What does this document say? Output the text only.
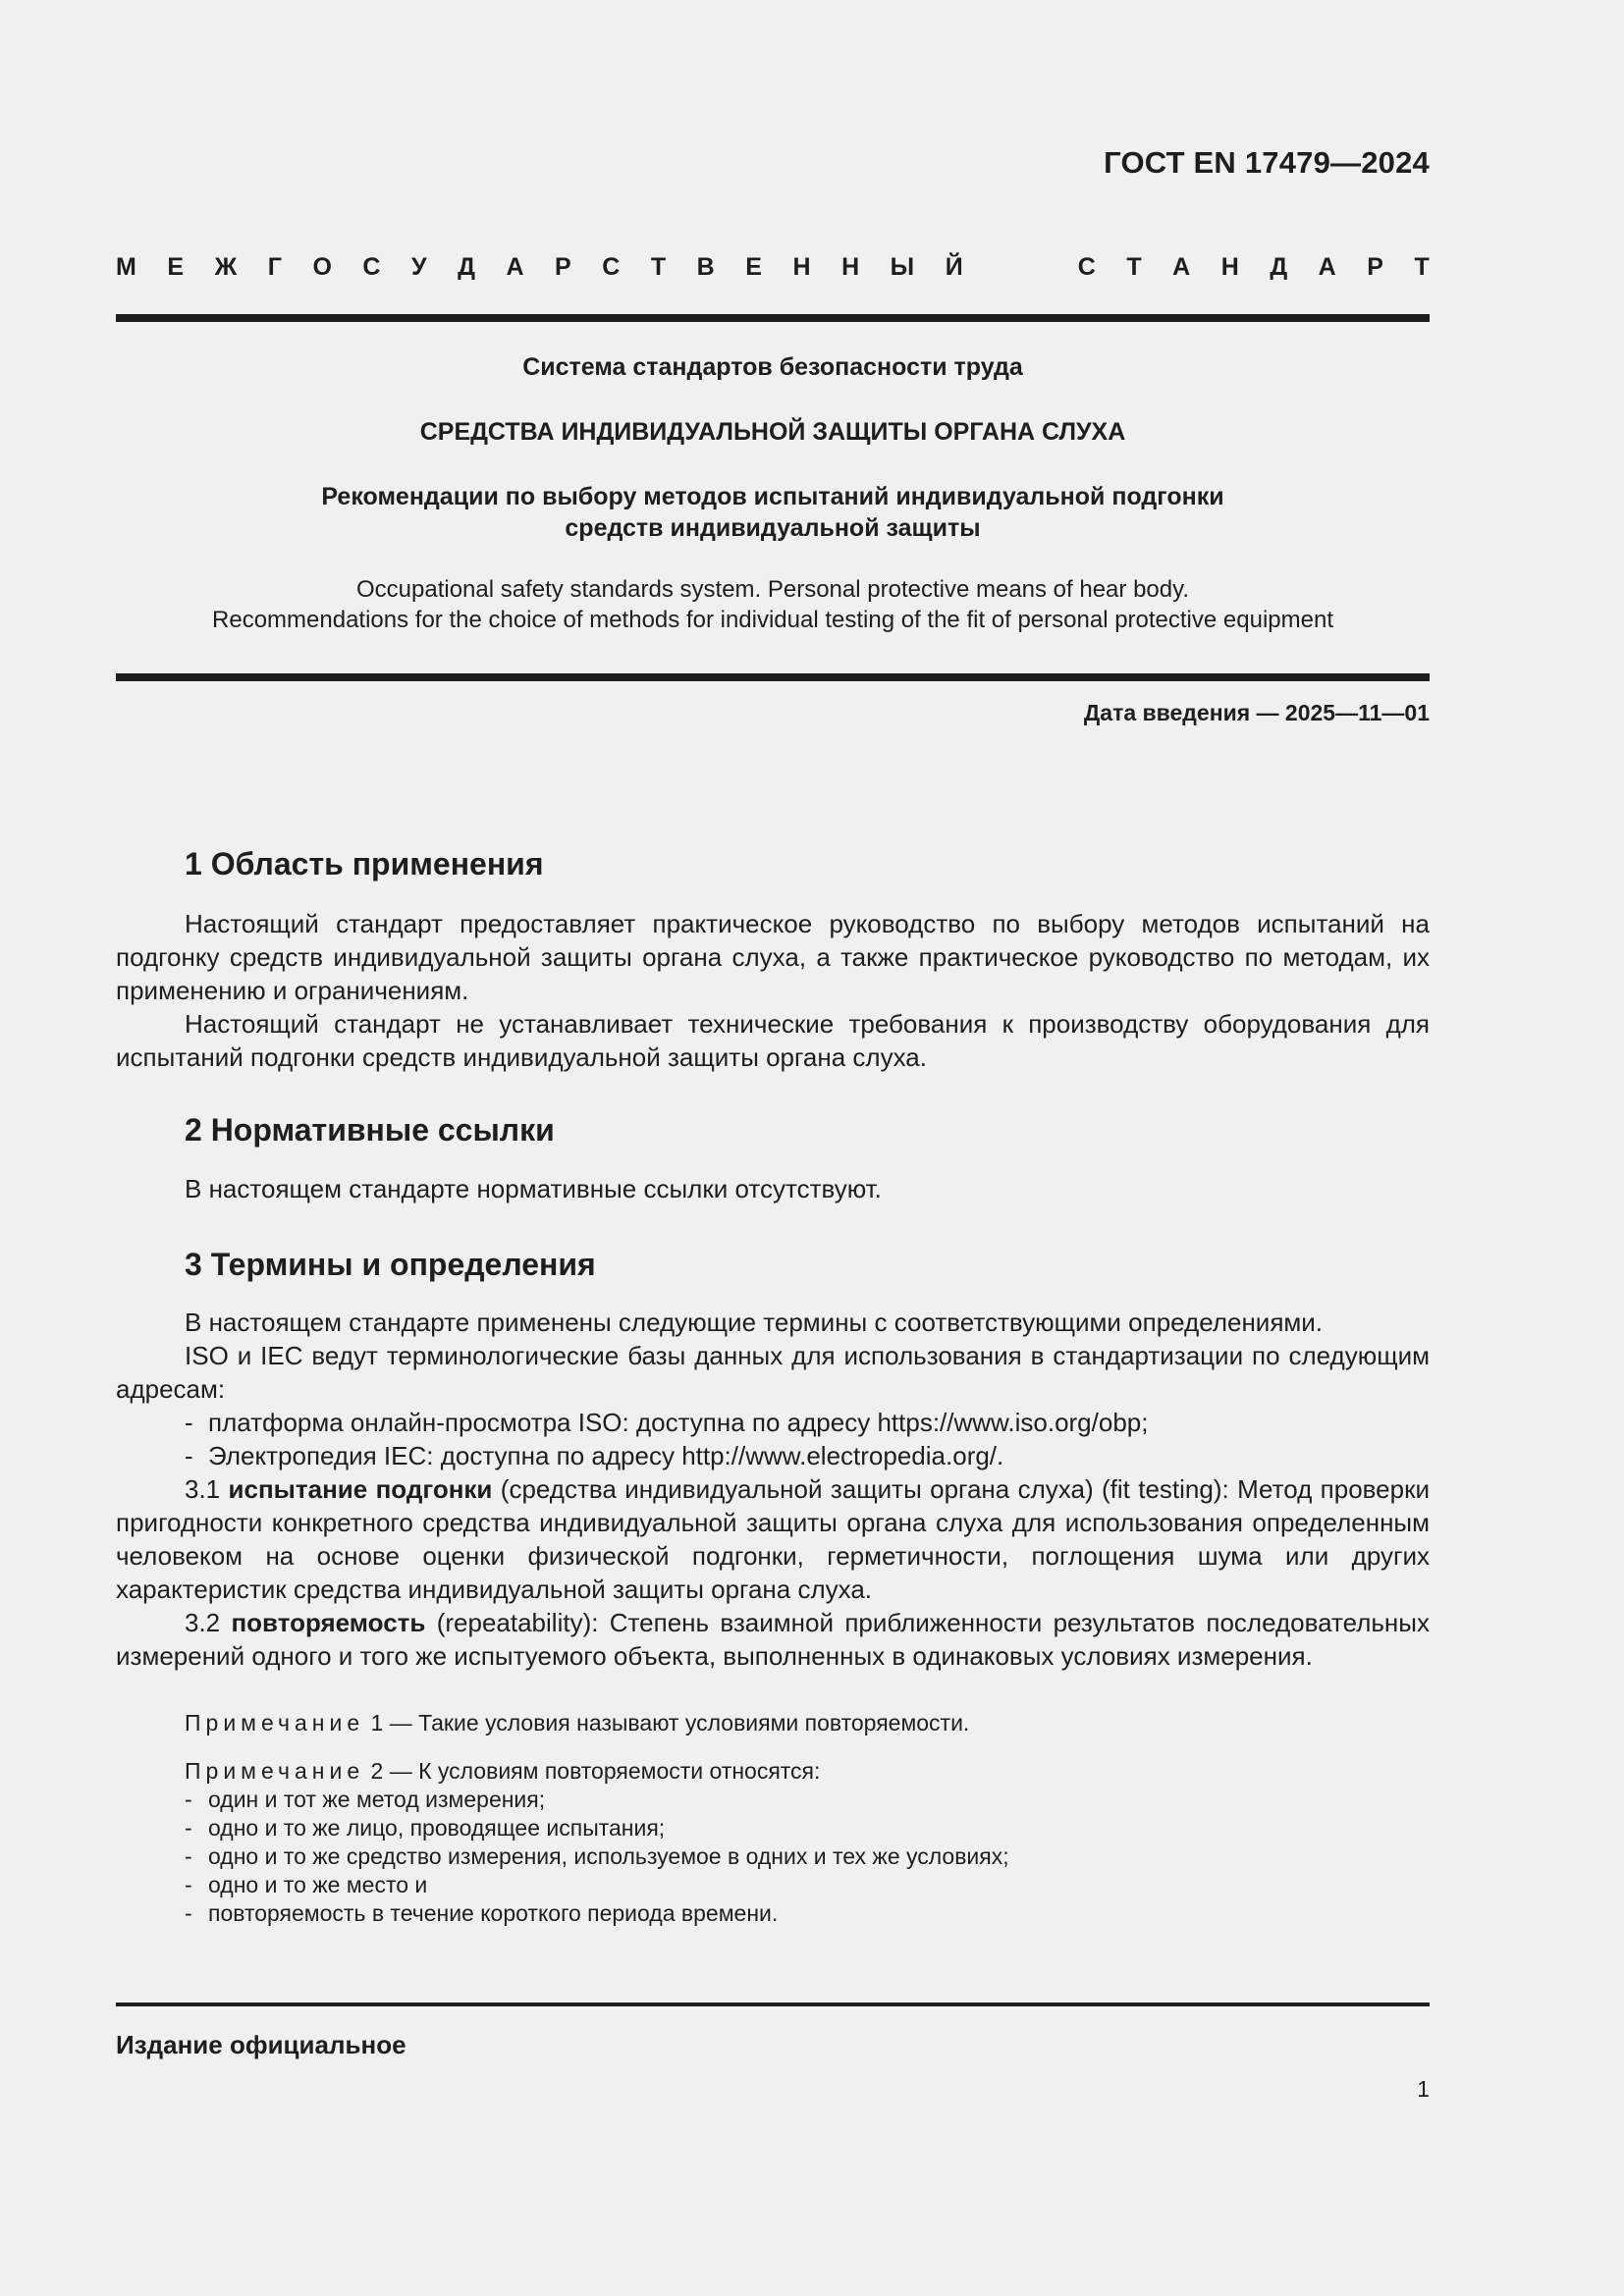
ГОСТ EN 17479—2024
М Е Ж Г О С У Д А Р С Т В Е Н Н Ы Й	С Т А Н Д А Р Т
Система стандартов безопасности труда
СРЕДСТВА ИНДИВИДУАЛЬНОЙ ЗАЩИТЫ ОРГАНА СЛУХА
Рекомендации по выбору методов испытаний индивидуальной подгонки
средств индивидуальной защиты
Occupational safety standards system. Personal protective means of hear body.
Recommendations for the choice of methods for individual testing of the fit of personal protective equipment
Дата введения — 2025—11—01
1 Область применения

Настоящий стандарт предоставляет практическое руководство по выбору методов испытаний на подгонку средств индивидуальной защиты органа слуха, а также практическое руководство по методам, их применению и ограничениям.

Настоящий стандарт не устанавливает технические требования к производству оборудования для испытаний подгонки средств индивидуальной защиты органа слуха.

2 Нормативные ссылки

В настоящем стандарте нормативные ссылки отсутствуют.

3 Термины и определения

В настоящем стандарте применены следующие термины с соответствующими определениями.

ISO и IEC ведут терминологические базы данных для использования в стандартизации по следующим адресам:

- платформа онлайн-просмотра ISO: доступна по адресу https://www.iso.org/obp;
- Электропедия IEC: доступна по адресу http://www.electropedia.org/.

3.1 испытание подгонки (средства индивидуальной защиты органа слуха) (fit testing): Метод проверки пригодности конкретного средства индивидуальной защиты органа слуха для использования определенным человеком на основе оценки физической подгонки, герметичности, поглощения шума или других характеристик средства индивидуальной защиты органа слуха.

3.2 повторяемость (repeatability): Степень взаимной приближенности результатов последовательных измерений одного и того же испытуемого объекта, выполненных в одинаковых условиях измерения.

Примечание 1 — Такие условия называют условиями повторяемости.

Примечание 2 — К условиям повторяемости относятся:

- один и тот же метод измерения;

- одно и то же лицо, проводящее испытания;

- одно и то же средство измерения, используемое в одних и тех же условиях;

- одно и то же место и

- повторяемость в течение короткого периода времени.

Издание официальное
1
